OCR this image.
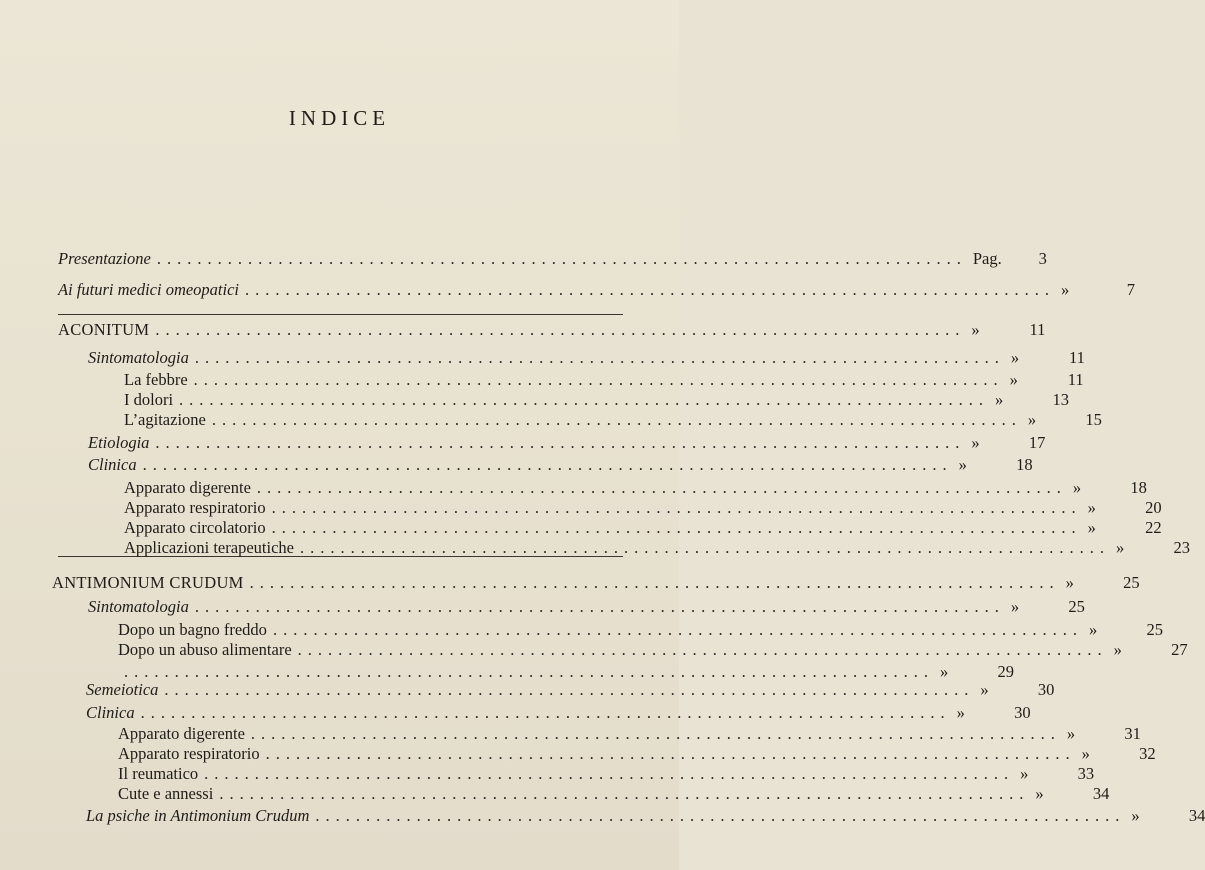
INDICE
Presentazione ................................................................................ Pag.	3
Ai futuri medici omeopatici ................................................................................ »	7
ACONITUM ................................................................................ »	11
Sintomatologia ................................................................................ »	11
La febbre ................................................................................ »	11
I dolori ................................................................................ »	13
L’agitazione ................................................................................ »	15
Etiologia ................................................................................ »	17
Clinica ................................................................................ »	18
Apparato digerente ................................................................................ »	18
Apparato respiratorio ................................................................................ »	20
Apparato circolatorio ................................................................................ »	22
Applicazioni terapeutiche ................................................................................ »	23
ANTIMONIUM CRUDUM ................................................................................ »	25
Sintomatologia ................................................................................ »	25
Dopo un bagno freddo ................................................................................ »	25
Dopo un abuso alimentare ................................................................................ »	27
................................................................................ »	29
Semeiotica ................................................................................ »	30
Clinica ................................................................................ »	30
Apparato digerente ................................................................................ »	31
Apparato respiratorio ................................................................................ »	32
Il reumatico ................................................................................ »	33
Cute e annessi ................................................................................ »	34
La psiche in Antimonium Crudum ................................................................................ »	34
